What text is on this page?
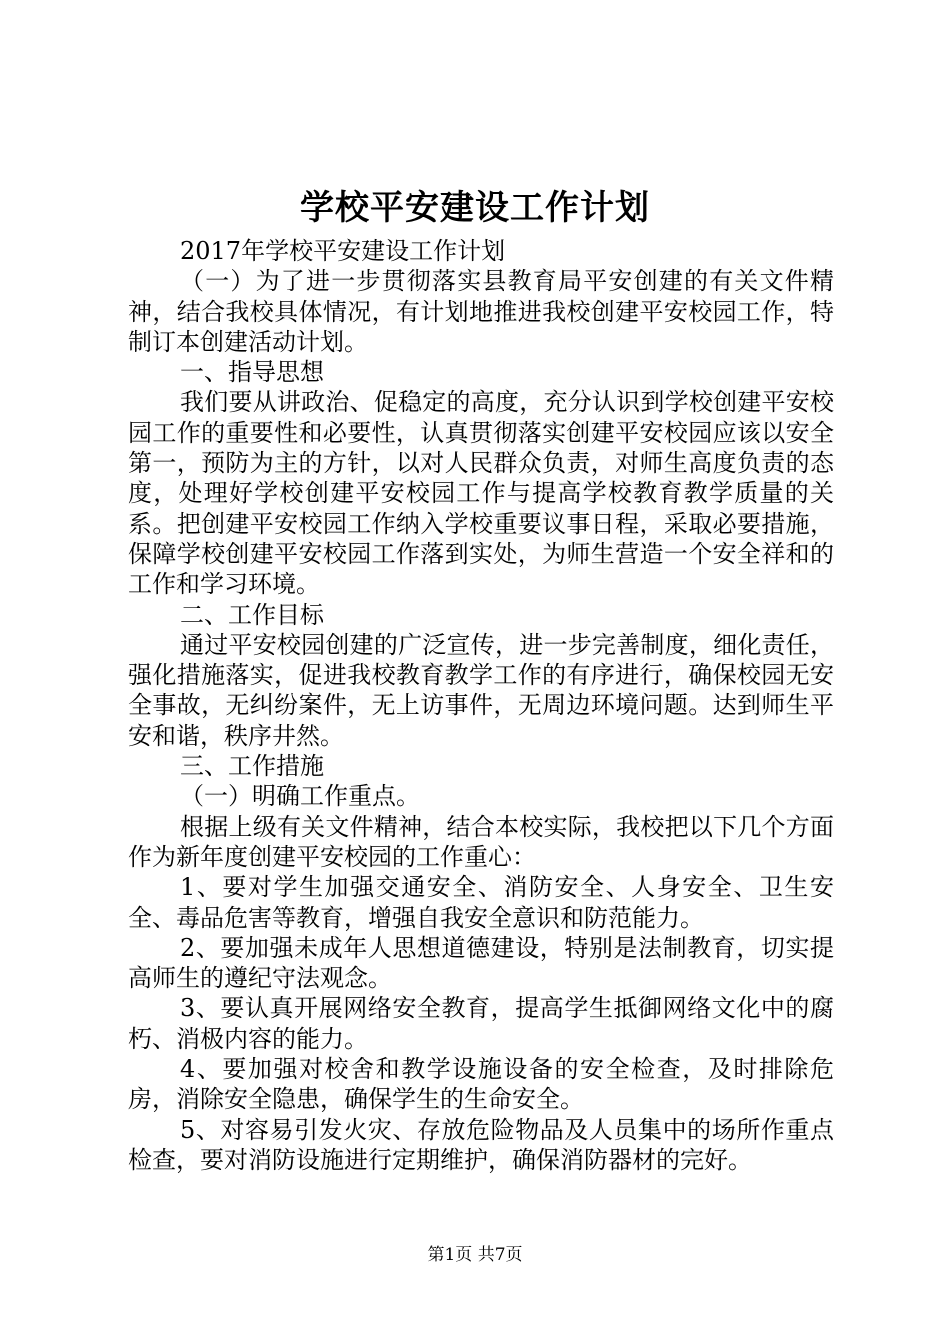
学校平安建设工作计划

2017年学校平安建设工作计划

（一）为了进一步贯彻落实县教育局平安创建的有关文件精神，结合我校具体情况，有计划地推进我校创建平安校园工作，特制订本创建活动计划。

一、指导思想

我们要从讲政治、促稳定的高度，充分认识到学校创建平安校园工作的重要性和必要性，认真贯彻落实创建平安校园应该以安全第一，预防为主的方针，以对人民群众负责，对师生高度负责的态度，处理好学校创建平安校园工作与提高学校教育教学质量的关系。把创建平安校园工作纳入学校重要议事日程，采取必要措施，保障学校创建平安校园工作落到实处，为师生营造一个安全祥和的工作和学习环境。

二、工作目标

通过平安校园创建的广泛宣传，进一步完善制度，细化责任，强化措施落实，促进我校教育教学工作的有序进行，确保校园无安全事故，无纠纷案件，无上访事件，无周边环境问题。达到师生平安和谐，秩序井然。

三、工作措施

（一）明确工作重点。

根据上级有关文件精神，结合本校实际，我校把以下几个方面作为新年度创建平安校园的工作重心：

1、要对学生加强交通安全、消防安全、人身安全、卫生安全、毒品危害等教育，增强自我安全意识和防范能力。

2、要加强未成年人思想道德建设，特别是法制教育，切实提高师生的遵纪守法观念。

3、要认真开展网络安全教育，提高学生抵御网络文化中的腐朽、消极内容的能力。

4、要加强对校舍和教学设施设备的安全检查，及时排除危房，消除安全隐患，确保学生的生命安全。

5、对容易引发火灾、存放危险物品及人员集中的场所作重点检查，要对消防设施进行定期维护，确保消防器材的完好。

第1页 共7页
